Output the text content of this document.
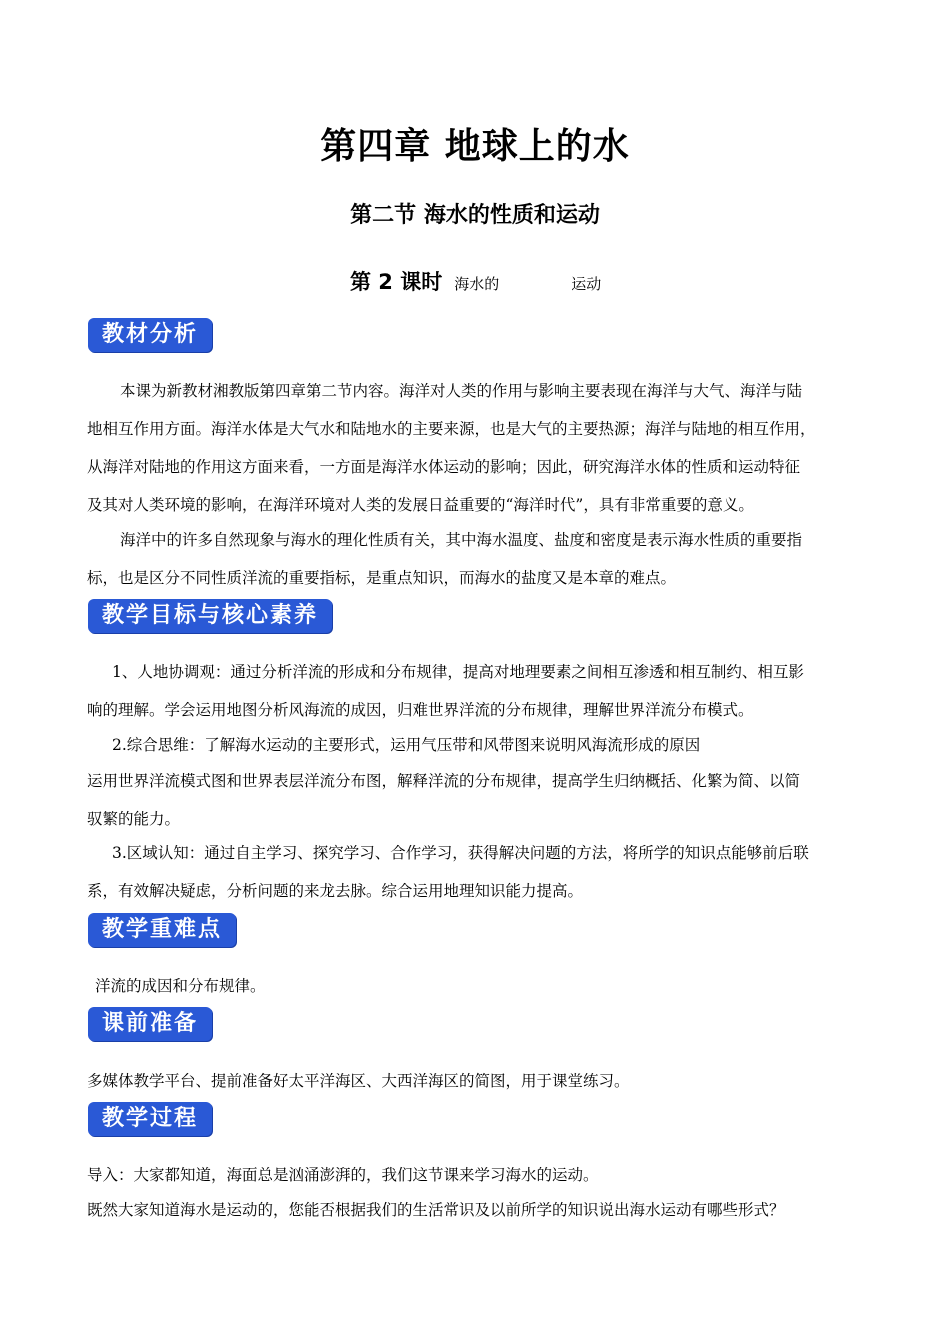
第四章 地球上的水
第二节 海水的性质和运动
第 2 课时 海水的	运动
教材分析
本课为新教材湘教版第四章第二节内容。海洋对人类的作用与影响主要表现在海洋与大气、海洋与陆
地相互作用方面。海洋水体是大气水和陆地水的主要来源，也是大气的主要热源；海洋与陆地的相互作用，
从海洋对陆地的作用这方面来看，一方面是海洋水体运动的影响；因此，研究海洋水体的性质和运动特征
及其对人类环境的影响，在海洋环境对人类的发展日益重要的“海洋时代”，具有非常重要的意义。
海洋中的许多自然现象与海水的理化性质有关，其中海水温度、盐度和密度是表示海水性质的重要指
标，也是区分不同性质洋流的重要指标，是重点知识，而海水的盐度又是本章的难点。
教学目标与核心素养
1、人地协调观：通过分析洋流的形成和分布规律，提高对地理要素之间相互渗透和相互制约、相互影
响的理解。学会运用地图分析风海流的成因，归难世界洋流的分布规律，理解世界洋流分布模式。
2.综合思维：了解海水运动的主要形式，运用气压带和风带图来说明风海流形成的原因
运用世界洋流模式图和世界表层洋流分布图，解释洋流的分布规律，提高学生归纳概括、化繁为简、以简
驭繁的能力。
3.区域认知：通过自主学习、探究学习、合作学习，获得解决问题的方法，将所学的知识点能够前后联
系，有效解决疑虑，分析问题的来龙去脉。综合运用地理知识能力提高。
教学重难点
洋流的成因和分布规律。
课前准备
多媒体教学平台、提前准备好太平洋海区、大西洋海区的简图，用于课堂练习。
教学过程
导入：大家都知道，海面总是汹涌澎湃的，我们这节课来学习海水的运动。
既然大家知道海水是运动的，您能否根据我们的生活常识及以前所学的知识说出海水运动有哪些形式？
